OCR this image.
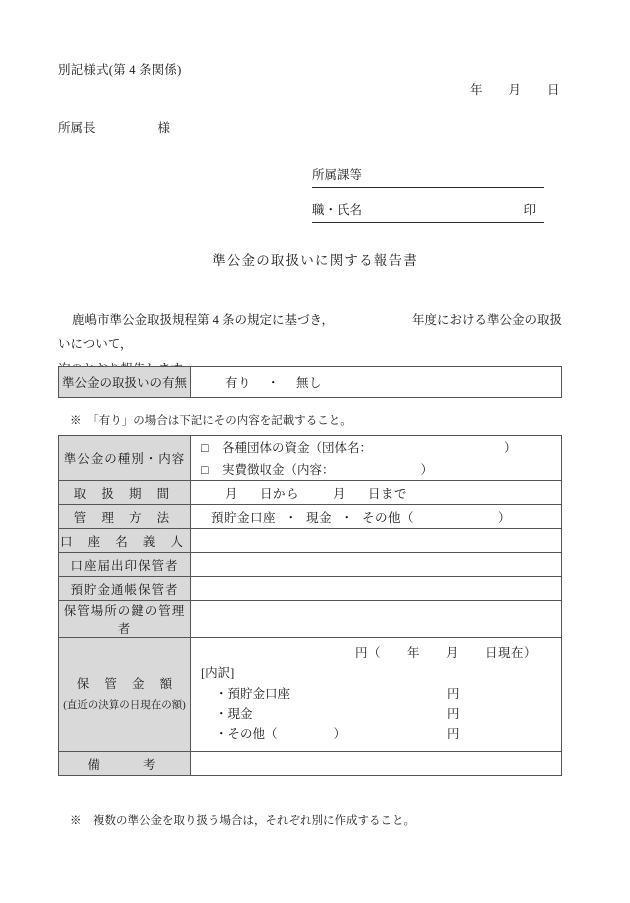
別記様式(第 4 条関係)
年 月 日
所属長	様
所属課等
職・氏名	印
準公金の取扱いに関する報告書
鹿嶋市準公金取扱規程第 4 条の規定に基づき，	年度における準公金の取扱いについて，

準公金の取扱いの有無	有り ・ 無し
※　「有り」の場合は下記にその内容を記載すること。
準公金の種別・内容	□ 各種団体の資金（団体名： ）
□ 実費徴収金（内容： ）

取 扱 期 間	月 日から 月 日まで

管 理 方 法	預貯金口座 ・ 現金 ・ その他（ ）

口 座 名 義 人	
口座届出印保管者	
預貯金通帳保管者	
保管場所の鍵の管理者	

保 管 金 額
(直近の決算の日現在の額)

円（ 年 月 日現在）
[内訳]
・預貯金口座	円
・現金	円
・その他（	）	円

備　　考	
※　複数の準公金を取り扱う場合は，それぞれ別に作成すること。
